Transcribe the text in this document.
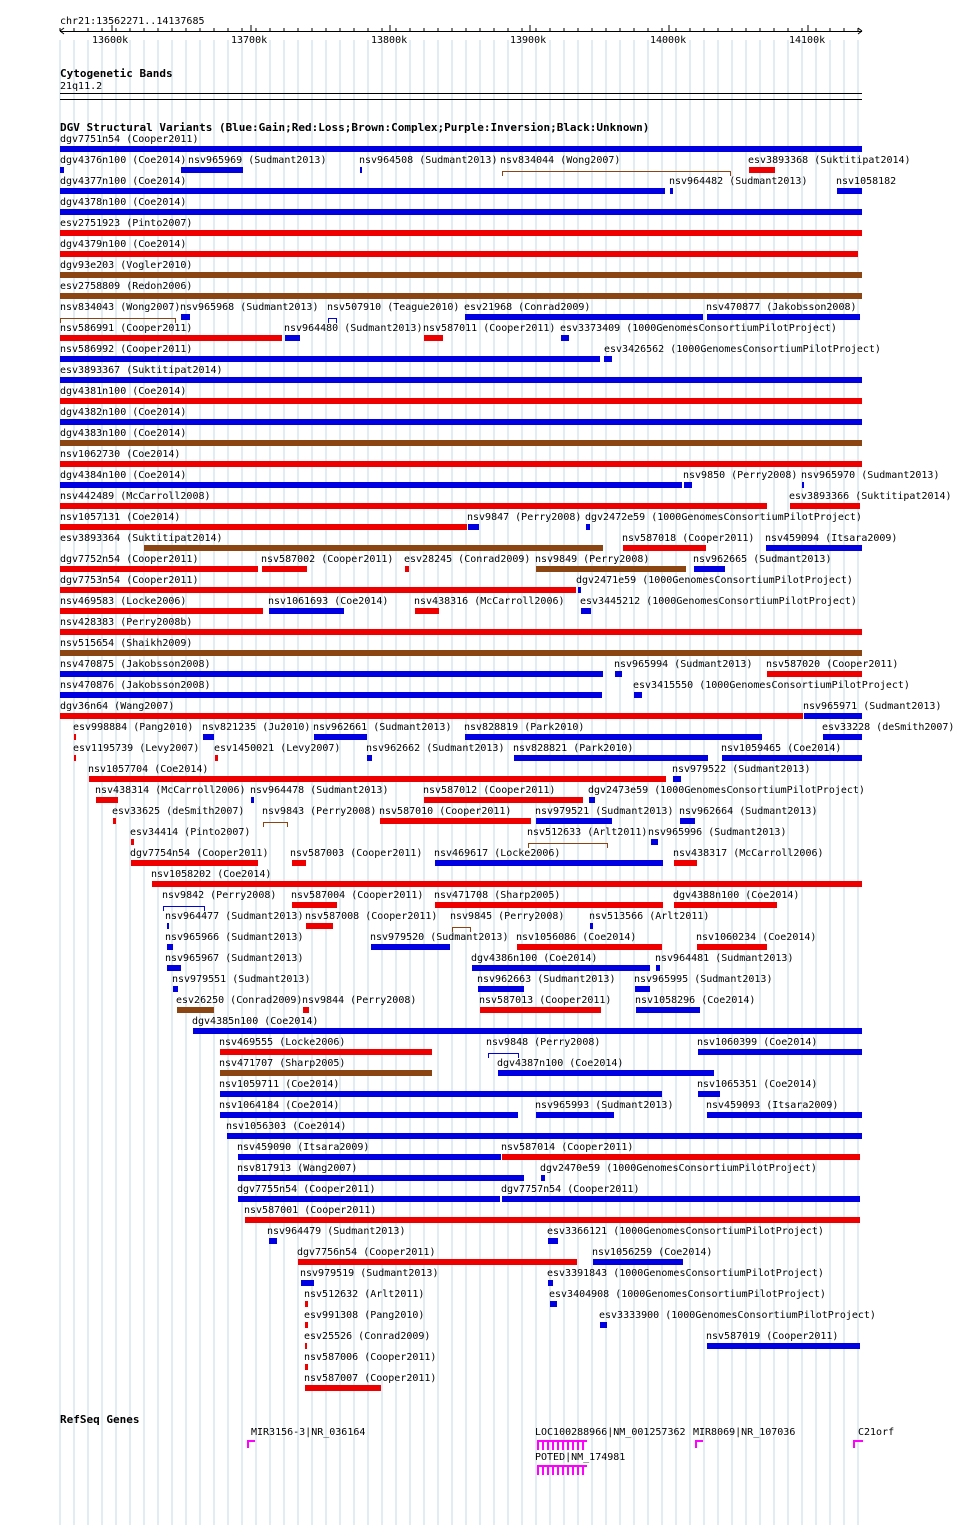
chr21:13562271..14137685
13600k	13700k	13800k	13900k	14000k	14100k
Cytogenetic Bands
21q11.2
DGV Structural Variants (Blue:Gain;Red:Loss;Brown:Complex;Purple:Inversion;Black:Unknown)
dgv7751n54 (Cooper2011)
dgv4376n100 (Coe2014) nsv965969 (Sudmant2013)	nsv964508 (Sudmant2013) nsv834044 (Wong2007)	esv3893368 (Suktitipat2014)
dgv4377n100 (Coe2014)	nsv964482 (Sudmant2013)	nsv1058182
dgv4378n100 (Coe2014)
esv2751923 (Pinto2007)
dgv4379n100 (Coe2014)
dgv93e203 (Vogler2010)
esv2758809 (Redon2006)
nsv834043 (Wong2007) nsv965968 (Sudmant2013) nsv507910 (Teague2010) esv21968 (Conrad2009)	nsv470877 (Jakobsson2008)
nsv586991 (Cooper2011)	nsv964480 (Sudmant2013) nsv587011 (Cooper2011) esv3373409 (1000GenomesConsortiumPilotProject)
nsv586992 (Cooper2011)	esv3426562 (1000GenomesConsortiumPilotProject)
esv3893367 (Suktitipat2014)
dgv4381n100 (Coe2014)
dgv4382n100 (Coe2014)
dgv4383n100 (Coe2014)
nsv1062730 (Coe2014)
dgv4384n100 (Coe2014)	nsv9850 (Perry2008) nsv965970 (Sudmant2013)
nsv442489 (McCarroll2008)	esv3893366 (Suktitipat2014)
nsv1057131 (Coe2014)	nsv9847 (Perry2008) dgv2472e59 (1000GenomesConsortiumPilotProject)
esv3893364 (Suktitipat2014)	nsv587018 (Cooper2011) nsv459094 (Itsara2009)
dgv7752n54 (Cooper2011)	nsv587002 (Cooper2011) esv28245 (Conrad2009) nsv9849 (Perry2008)	nsv962665 (Sudmant2013)
dgv7753n54 (Cooper2011)	dgv2471e59 (1000GenomesConsortiumPilotProject)
nsv469583 (Locke2006)	nsv1061693 (Coe2014)	nsv438316 (McCarroll2006) esv3445212 (1000GenomesConsortiumPilotProject)
nsv428383 (Perry2008b)
nsv515654 (Shaikh2009)
nsv470875 (Jakobsson2008)	nsv965994 (Sudmant2013) nsv587020 (Cooper2011)
nsv470876 (Jakobsson2008)	esv3415550 (1000GenomesConsortiumPilotProject)
dgv36n64 (Wang2007)	nsv965971 (Sudmant2013)
esv998884 (Pang2010) nsv821235 (Ju2010) nsv962661 (Sudmant2013) nsv828819 (Park2010)	esv33228 (deSmith2007)
esv1195739 (Levy2007) esv1450021 (Levy2007)	nsv962662 (Sudmant2013) nsv828821 (Park2010)	nsv1059465 (Coe2014)
nsv1057704 (Coe2014)	nsv979522 (Sudmant2013)
nsv438314 (McCarroll2006) nsv964478 (Sudmant2013)	nsv587012 (Cooper2011)	dgv2473e59 (1000GenomesConsortiumPilotProject)
esv33625 (deSmith2007) nsv9843 (Perry2008) nsv587010 (Cooper2011) nsv979521 (Sudmant2013) nsv962664 (Sudmant2013)
esv34414 (Pinto2007)	nsv512633 (Arlt2011) nsv965996 (Sudmant2013)
dgv7754n54 (Cooper2011) nsv587003 (Cooper2011) nsv469617 (Locke2006)	nsv438317 (McCarroll2006)
nsv1058202 (Coe2014)
nsv9842 (Perry2008) nsv587004 (Cooper2011) nsv471708 (Sharp2005)	dgv4388n100 (Coe2014)
nsv964477 (Sudmant2013) nsv587008 (Cooper2011) nsv9845 (Perry2008) nsv513566 (Arlt2011)
nsv965966 (Sudmant2013)	nsv979520 (Sudmant2013) nsv1056086 (Coe2014)	nsv1060234 (Coe2014)
nsv965967 (Sudmant2013)	dgv4386n100 (Coe2014)	nsv964481 (Sudmant2013)
nsv979551 (Sudmant2013)	nsv962663 (Sudmant2013) nsv965995 (Sudmant2013)
esv26250 (Conrad2009) nsv9844 (Perry2008)	nsv587013 (Cooper2011) nsv1058296 (Coe2014)
dgv4385n100 (Coe2014)
nsv469555 (Locke2006)	nsv9848 (Perry2008)	nsv1060399 (Coe2014)
nsv471707 (Sharp2005)	dgv4387n100 (Coe2014)
nsv1059711 (Coe2014)	nsv1065351 (Coe2014)
nsv1064184 (Coe2014)	nsv965993 (Sudmant2013)	nsv459093 (Itsara2009)
nsv1056303 (Coe2014)
nsv459090 (Itsara2009)	nsv587014 (Cooper2011)
nsv817913 (Wang2007)	dgv2470e59 (1000GenomesConsortiumPilotProject)
dgv7755n54 (Cooper2011)	dgv7757n54 (Cooper2011)
nsv587001 (Cooper2011)
nsv964479 (Sudmant2013)	esv3366121 (1000GenomesConsortiumPilotProject)
dgv7756n54 (Cooper2011)	nsv1056259 (Coe2014)
nsv979519 (Sudmant2013)	esv3391843 (1000GenomesConsortiumPilotProject)
nsv512632 (Arlt2011)	esv3404908 (1000GenomesConsortiumPilotProject)
esv991308 (Pang2010)	esv3333900 (1000GenomesConsortiumPilotProject)
esv25526 (Conrad2009)	nsv587019 (Cooper2011)
nsv587006 (Cooper2011)
nsv587007 (Cooper2011)
RefSeq Genes
MIR3156-3|NR_036164	LOC100288966|NM_001257362
POTED|NM_174981
MIR8069|NR_107036	C21orf
